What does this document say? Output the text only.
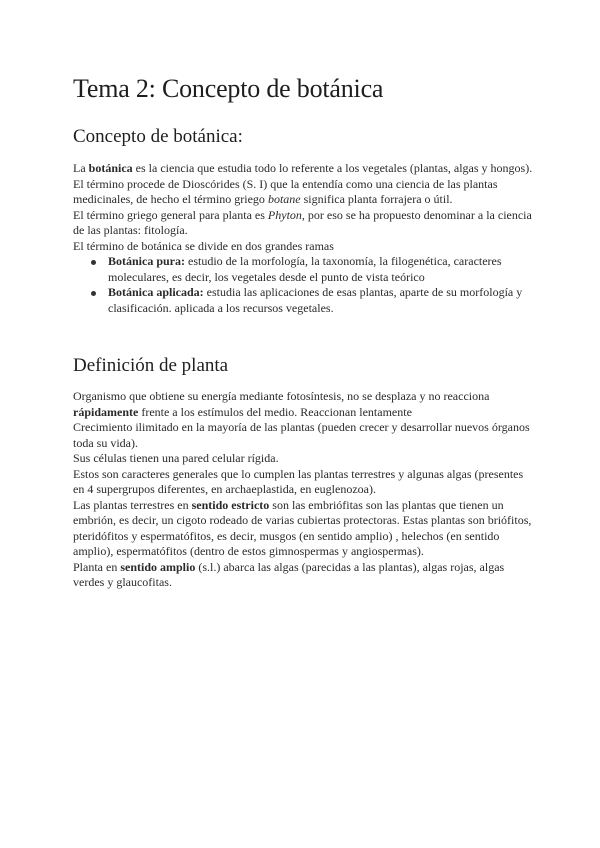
Tema 2: Concepto de botánica
Concepto de botánica:

La botánica es la ciencia que estudia todo lo referente a los vegetales (plantas, algas y hongos).

El término procede de Dioscórides (S. I) que la entendía como una ciencia de las plantas medicinales, de hecho el término griego botane significa planta forrajera o útil.

El término griego general para planta es Phyton, por eso se ha propuesto denominar a la ciencia de las plantas: fitología.

El término de botánica se divide en dos grandes ramas

Botánica pura: estudio de la morfología, la taxonomía, la filogenética, caracteres moleculares, es decir, los vegetales desde el punto de vista teórico
Botánica aplicada: estudia las aplicaciones de esas plantas, aparte de su morfología y clasificación. aplicada a los recursos vegetales.
Definición de planta

Organismo que obtiene su energía mediante fotosíntesis, no se desplaza y no reacciona rápidamente frente a los estímulos del medio. Reaccionan lentamente

Crecimiento ilimitado en la mayoría de las plantas (pueden crecer y desarrollar nuevos órganos toda su vida).

Sus células tienen una pared celular rígida.

Estos son caracteres generales que lo cumplen las plantas terrestres y algunas algas (presentes en 4 supergrupos diferentes, en archaeplastida, en euglenozoa).

Las plantas terrestres en sentido estricto son las embriófitas son las plantas que tienen un embrión, es decir, un cigoto rodeado de varias cubiertas protectoras. Estas plantas son briófitos, pteridófitos y espermatófitos, es decir, musgos (en sentido amplio) , helechos (en sentido amplio), espermatófitos (dentro de estos gimnospermas y angiospermas).

Planta en sentido amplio (s.l.) abarca las algas (parecidas a las plantas), algas rojas, algas verdes y glaucofitas.
